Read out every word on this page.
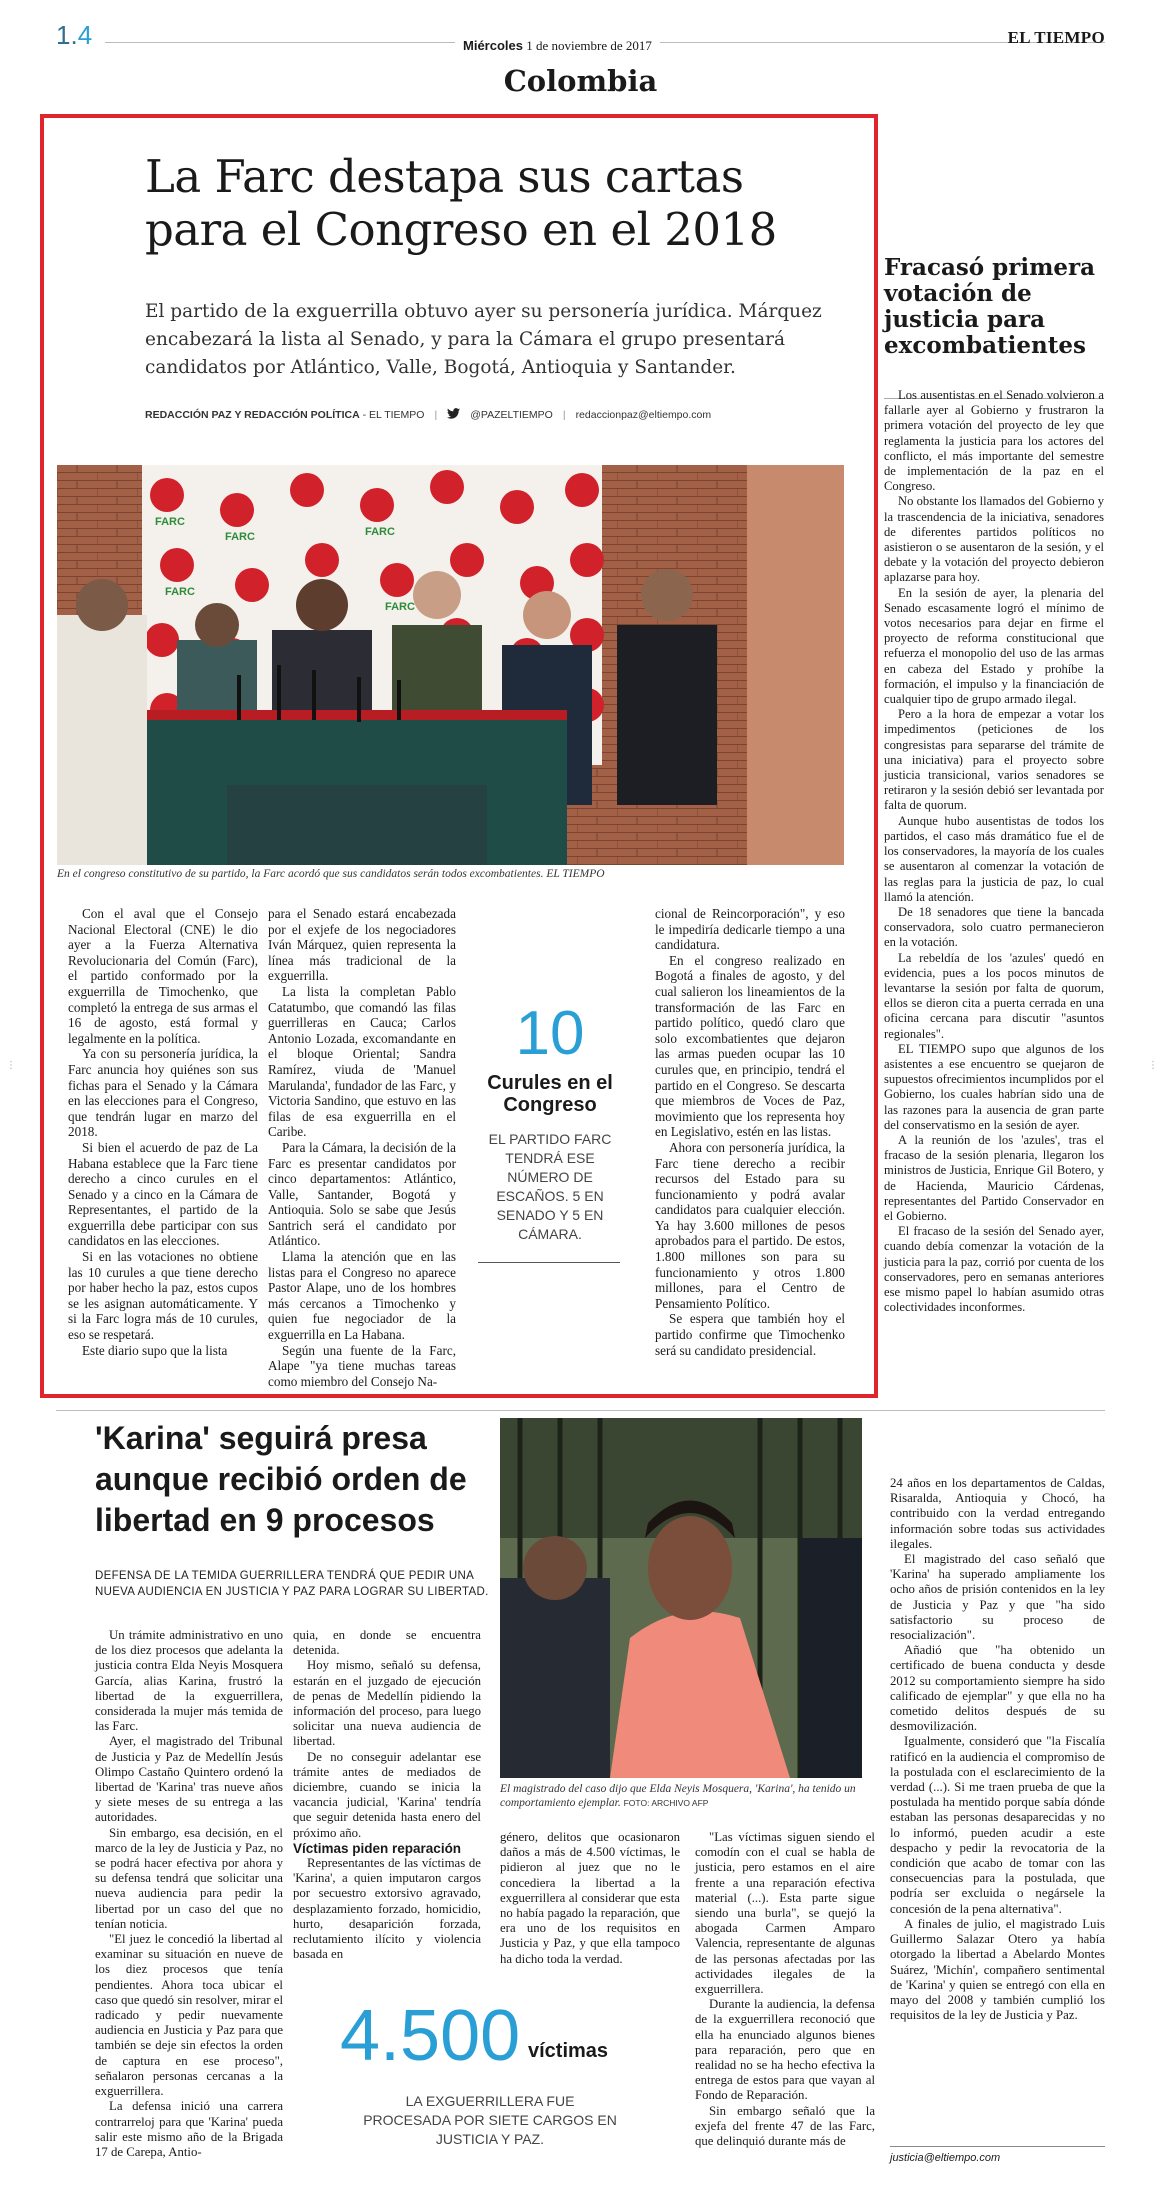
1.4	Miércoles 1 de noviembre de 2017	EL TIEMPO
Colombia
La Farc destapa sus cartas para el Congreso en el 2018

El partido de la exguerrilla obtuvo ayer su personería jurídica. Márquez encabezará la lista al Senado, y para la Cámara el grupo presentará candidatos por Atlántico, Valle, Bogotá, Antioquia y Santander.

REDACCIÓN PAZ Y REDACCIÓN POLÍTICA - EL TIEMPO |	@PAZELTIEMPO | redaccionpaz@eltiempo.com
FARC
FARC	FARC
FARC
FARC
En el congreso constitutivo de su partido, la Farc acordó que sus candidatos serán todos excombatientes. EL TIEMPO

Con el aval que el Consejo Nacional Electoral (CNE) le dio ayer a la Fuerza Alternativa Revolucionaria del Común (Farc), el partido conformado por la exguerrilla de Timochenko, que completó la entrega de sus armas el 16 de agosto, está formal y legalmente en la política.

Ya con su personería jurídica, la Farc anuncia hoy quiénes son sus fichas para el Senado y la Cámara en las elecciones para el Congreso, que tendrán lugar en marzo del 2018.

Si bien el acuerdo de paz de La Habana establece que la Farc tiene derecho a cinco curules en el Senado y a cinco en la Cámara de Representantes, el partido de la exguerrilla debe participar con sus candidatos en las elecciones.

Si en las votaciones no obtiene las 10 curules a que tiene derecho por haber hecho la paz, estos cupos se les asignan automáticamente. Y si la Farc logra más de 10 curules, eso se respetará.

Este diario supo que la lista

para el Senado estará encabezada por el exjefe de los negociadores Iván Márquez, quien representa la línea más tradicional de la exguerrilla.

La lista la completan Pablo Catatumbo, que comandó las filas guerrilleras en Cauca; Carlos Antonio Lozada, excomandante en el bloque Oriental; Sandra Ramírez, viuda de 'Manuel Marulanda', fundador de las Farc, y Victoria Sandino, que estuvo en las filas de esa exguerrilla en el Caribe.

Para la Cámara, la decisión de la Farc es presentar candidatos por cinco departamentos: Atlántico, Valle, Santander, Bogotá y Antioquia. Solo se sabe que Jesús Santrich será el candidato por Atlántico.

Llama la atención que en las listas para el Congreso no aparece Pastor Alape, uno de los hombres más cercanos a Timochenko y quien fue negociador de la exguerrilla en La Habana.

Según una fuente de la Farc, Alape "ya tiene muchas tareas como miembro del Consejo Na-

10
Curules en el Congreso
EL PARTIDO FARC TENDRÁ ESE NÚMERO DE ESCAÑOS. 5 EN SENADO Y 5 EN CÁMARA.

cional de Reincorporación", y eso le impediría dedicarle tiempo a una candidatura.

En el congreso realizado en Bogotá a finales de agosto, y del cual salieron los lineamientos de la transformación de las Farc en partido político, quedó claro que solo excombatientes que dejaron las armas pueden ocupar las 10 curules que, en principio, tendrá el partido en el Congreso. Se descarta que miembros de Voces de Paz, movimiento que los representa hoy en Legislativo, estén en las listas.

Ahora con personería jurídica, la Farc tiene derecho a recibir recursos del Estado para su funcionamiento y podrá avalar candidatos para cualquier elección. Ya hay 3.600 millones de pesos aprobados para el partido. De estos, 1.800 millones son para su funcionamiento y otros 1.800 millones, para el Centro de Pensamiento Político.

Se espera que también hoy el partido confirme que Timochenko será su candidato presidencial.

Fracasó primera votación de justicia para excombatientes

Los ausentistas en el Senado volvieron a fallarle ayer al Gobierno y frustraron la primera votación del proyecto de ley que reglamenta la justicia para los actores del conflicto, el más importante del semestre de implementación de la paz en el Congreso.

No obstante los llamados del Gobierno y la trascendencia de la iniciativa, senadores de diferentes partidos políticos no asistieron o se ausentaron de la sesión, y el debate y la votación del proyecto debieron aplazarse para hoy.

En la sesión de ayer, la plenaria del Senado escasamente logró el mínimo de votos necesarios para dejar en firme el proyecto de reforma constitucional que refuerza el monopolio del uso de las armas en cabeza del Estado y prohíbe la formación, el impulso y la financiación de cualquier tipo de grupo armado ilegal.

Pero a la hora de empezar a votar los impedimentos (peticiones de los congresistas para separarse del trámite de una iniciativa) para el proyecto sobre justicia transicional, varios senadores se retiraron y la sesión debió ser levantada por falta de quorum.

Aunque hubo ausentistas de todos los partidos, el caso más dramático fue el de los conservadores, la mayoría de los cuales se ausentaron al comenzar la votación de las reglas para la justicia de paz, lo cual llamó la atención.

De 18 senadores que tiene la bancada conservadora, solo cuatro permanecieron en la votación.

La rebeldía de los 'azules' quedó en evidencia, pues a los pocos minutos de levantarse la sesión por falta de quorum, ellos se dieron cita a puerta cerrada en una oficina cercana para discutir "asuntos regionales".

EL TIEMPO supo que algunos de los asistentes a ese encuentro se quejaron de supuestos ofrecimientos incumplidos por el Gobierno, los cuales habrían sido una de las razones para la ausencia de gran parte del conservatismo en la sesión de ayer.

A la reunión de los 'azules', tras el fracaso de la sesión plenaria, llegaron los ministros de Justicia, Enrique Gil Botero, y de Hacienda, Mauricio Cárdenas, representantes del Partido Conservador en el Gobierno.

El fracaso de la sesión del Senado ayer, cuando debía comenzar la votación de la justicia para la paz, corrió por cuenta de los conservadores, pero en semanas anteriores ese mismo papel lo habían asumido otras colectividades inconformes.

'Karina' seguirá presa aunque recibió orden de libertad en 9 procesos
DEFENSA DE LA TEMIDA GUERRILLERA TENDRÁ QUE PEDIR UNA NUEVA AUDIENCIA EN JUSTICIA Y PAZ PARA LOGRAR SU LIBERTAD.
El magistrado del caso dijo que Elda Neyis Mosquera, 'Karina', ha tenido un comportamiento ejemplar. FOTO: ARCHIVO AFP

Un trámite administrativo en uno de los diez procesos que adelanta la justicia contra Elda Neyis Mosquera García, alias Karina, frustró la libertad de la exguerrillera, considerada la mujer más temida de las Farc.

Ayer, el magistrado del Tribunal de Justicia y Paz de Medellín Jesús Olimpo Castaño Quintero ordenó la libertad de 'Karina' tras nueve años y siete meses de su entrega a las autoridades.

Sin embargo, esa decisión, en el marco de la ley de Justicia y Paz, no se podrá hacer efectiva por ahora y su defensa tendrá que solicitar una nueva audiencia para pedir la libertad por un caso del que no tenían noticia.

"El juez le concedió la libertad al examinar su situación en nueve de los diez procesos que tenía pendientes. Ahora toca ubicar el caso que quedó sin resolver, mirar el radicado y pedir nuevamente audiencia en Justicia y Paz para que también se deje sin efectos la orden de captura en ese proceso", señalaron personas cercanas a la exguerrillera.

La defensa inició una carrera contrarreloj para que 'Karina' pueda salir este mismo año de la Brigada 17 de Carepa, Antio-

quia, en donde se encuentra detenida.

Hoy mismo, señaló su defensa, estarán en el juzgado de ejecución de penas de Medellín pidiendo la información del proceso, para luego solicitar una nueva audiencia de libertad.

De no conseguir adelantar ese trámite antes de mediados de diciembre, cuando se inicia la vacancia judicial, 'Karina' tendría que seguir detenida hasta enero del próximo año.

Víctimas piden reparación

Representantes de las víctimas de 'Karina', a quien imputaron cargos por secuestro extorsivo agravado, desplazamiento forzado, homicidio, hurto, desaparición forzada, reclutamiento ilícito y violencia basada en

género, delitos que ocasionaron daños a más de 4.500 víctimas, le pidieron al juez que no le concediera la libertad a la exguerrillera al considerar que esta no había pagado la reparación, que era uno de los requisitos en Justicia y Paz, y que ella tampoco ha dicho toda la verdad.

"Las víctimas siguen siendo el comodín con el cual se habla de justicia, pero estamos en el aire frente a una reparación efectiva material (...). Esta parte sigue siendo una burla", se quejó la abogada Carmen Amparo Valencia, representante de algunas de las personas afectadas por las actividades ilegales de la exguerrillera.

Durante la audiencia, la defensa de la exguerrillera reconoció que ella ha enunciado algunos bienes para reparación, pero que en realidad no se ha hecho efectiva la entrega de estos para que vayan al Fondo de Reparación.

Sin embargo señaló que la exjefa del frente 47 de las Farc, que delinquió durante más de

24 años en los departamentos de Caldas, Risaralda, Antioquia y Chocó, ha contribuido con la verdad entregando información sobre todas sus actividades ilegales.

El magistrado del caso señaló que 'Karina' ha superado ampliamente los ocho años de prisión contenidos en la ley de Justicia y Paz y que "ha sido satisfactorio su proceso de resocialización".

Añadió que "ha obtenido un certificado de buena conducta y desde 2012 su comportamiento siempre ha sido calificado de ejemplar" y que ella no ha cometido delitos después de su desmovilización.

Igualmente, consideró que "la Fiscalía ratificó en la audiencia el compromiso de la postulada con el esclarecimiento de la verdad (...). Si me traen prueba de que la postulada ha mentido porque sabía dónde estaban las personas desaparecidas y no lo informó, pueden acudir a este despacho y pedir la revocatoria de la condición que acabo de tomar con las consecuencias para la postulada, que podría ser excluida o negársele la concesión de la pena alternativa".

A finales de julio, el magistrado Luis Guillermo Salazar Otero ya había otorgado la libertad a Abelardo Montes Suárez, 'Michín', compañero sentimental de 'Karina' y quien se entregó con ella en mayo del 2008 y también cumplió los requisitos de la ley de Justicia y Paz.

4.500 víctimas
LA EXGUERRILLERA FUE PROCESADA POR SIETE CARGOS EN JUSTICIA Y PAZ.
justicia@eltiempo.com
⋮	⋮
